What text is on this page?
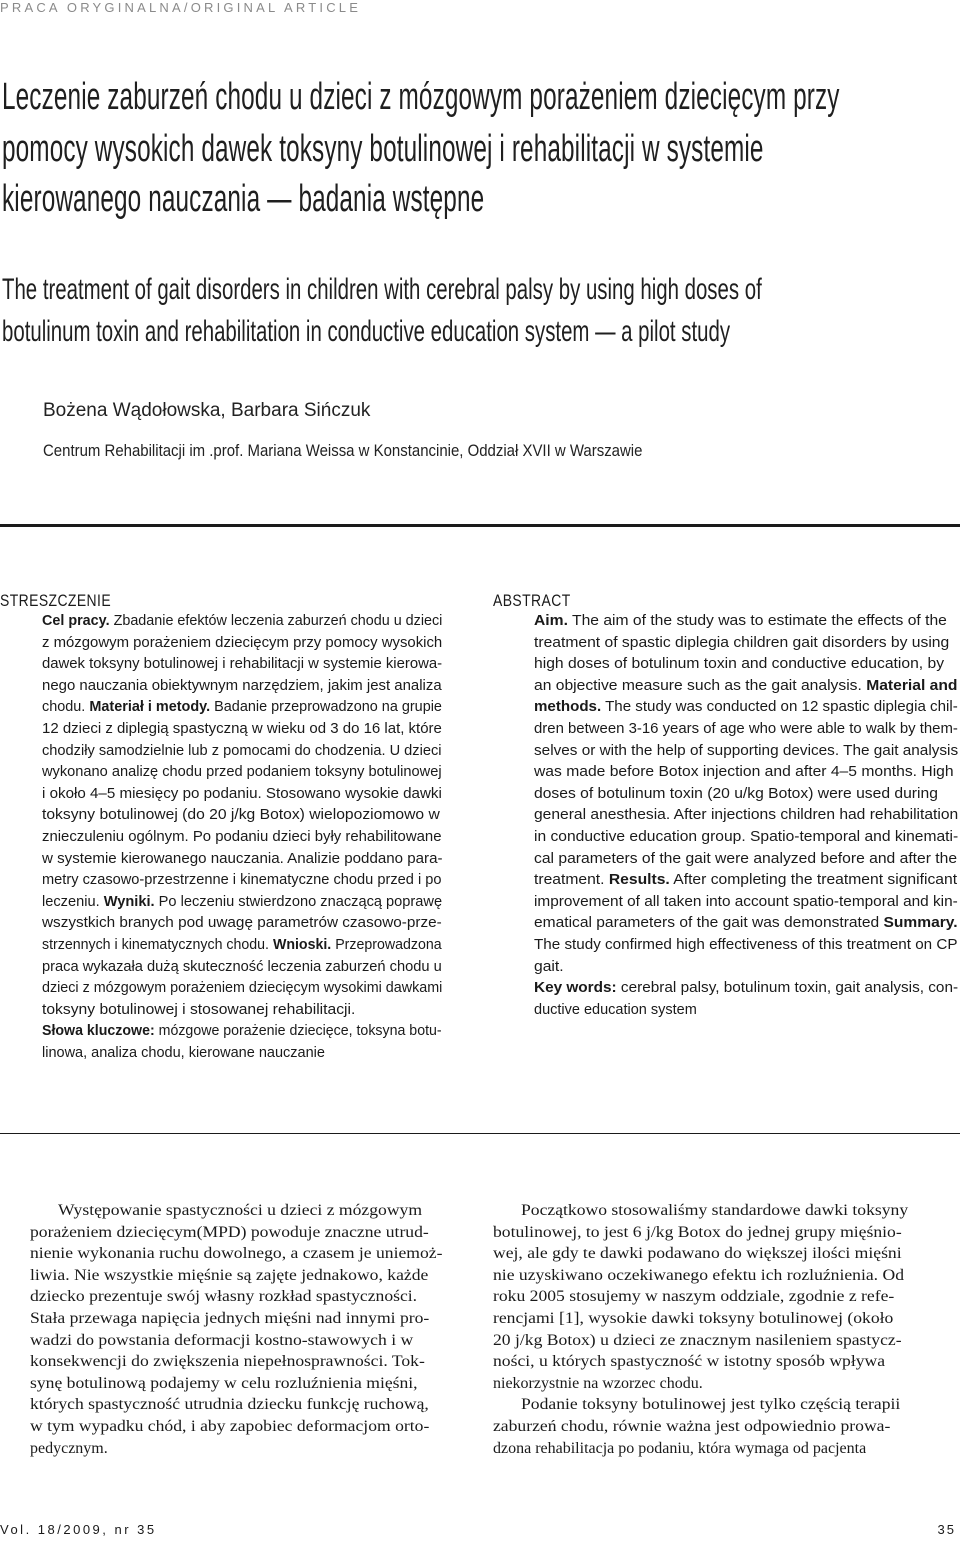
PRACA ORYGINALNA/ORIGINAL ARTICLE
Leczenie zaburzeń chodu u dzieci z mózgowym porażeniem dziecięcym przy
pomocy wysokich dawek toksyny botulinowej i rehabilitacji w systemie
kierowanego nauczania — badania wstępne
The treatment of gait disorders in children with cerebral palsy by using high doses of
botulinum toxin and rehabilitation in conductive education system — a pilot study
Bożena Wądołowska, Barbara Sińczuk
Centrum Rehabilitacji im .prof. Mariana Weissa w Konstancinie, Oddział XVII w Warszawie
STRESZCZENIE
Cel pracy. Zbadanie efektów leczenia zaburzeń chodu u dzieci
z mózgowym porażeniem dziecięcym przy pomocy wysokich
dawek toksyny botulinowej i rehabilitacji w systemie kierowa-
nego nauczania obiektywnym narzędziem, jakim jest analiza
chodu. Materiał i metody. Badanie przeprowadzono na grupie
12 dzieci z diplegią spastyczną w wieku od 3 do 16 lat, które
chodziły samodzielnie lub z pomocami do chodzenia. U dzieci
wykonano analizę chodu przed podaniem toksyny botulinowej
i około 4–5 miesięcy po podaniu. Stosowano wysokie dawki
toksyny botulinowej (do 20 j/kg Botox) wielopoziomowo w
znieczuleniu ogólnym. Po podaniu dzieci były rehabilitowane
w systemie kierowanego nauczania. Analizie poddano para-
metry czasowo-przestrzenne i kinematyczne chodu przed i po
leczeniu. Wyniki. Po leczeniu stwierdzono znaczącą poprawę
wszystkich branych pod uwagę parametrów czasowo-prze-
strzennych i kinematycznych chodu. Wnioski. Przeprowadzona
praca wykazała dużą skuteczność leczenia zaburzeń chodu u
dzieci z mózgowym porażeniem dziecięcym wysokimi dawkami
toksyny botulinowej i stosowanej rehabilitacji.
Słowa kluczowe: mózgowe porażenie dziecięce, toksyna botu-
linowa, analiza chodu, kierowane nauczanie
ABSTRACT
Aim. The aim of the study was to estimate the effects of the
treatment of spastic diplegia children gait disorders by using
high doses of botulinum toxin and conductive education, by
an objective measure such as the gait analysis. Material and
methods. The study was conducted on 12 spastic diplegia chil-
dren between 3-16 years of age who were able to walk by them-
selves or with the help of supporting devices. The gait analysis
was made before Botox injection and after 4–5 months. High
doses of botulinum toxin (20 u/kg Botox) were used during
general anesthesia. After injections children had rehabilitation
in conductive education group. Spatio-temporal and kinemati-
cal parameters of the gait were analyzed before and after the
treatment. Results. After completing the treatment significant
improvement of all taken into account spatio-temporal and kin-
ematical parameters of the gait was demonstrated Summary.
The study confirmed high effectiveness of this treatment on CP
gait.
Key words: cerebral palsy, botulinum toxin, gait analysis, con-
ductive education system
Występowanie spastyczności u dzieci z mózgowym
porażeniem dziecięcym(MPD) powoduje znaczne utrud-
nienie wykonania ruchu dowolnego, a czasem je uniemoż-
liwia. Nie wszystkie mięśnie są zajęte jednakowo, każde
dziecko prezentuje swój własny rozkład spastyczności.
Stała przewaga napięcia jednych mięśni nad innymi pro-
wadzi do powstania deformacji kostno-stawowych i w
konsekwencji do zwiększenia niepełnosprawności. Tok-
synę botulinową podajemy w celu rozluźnienia mięśni,
których spastyczność utrudnia dziecku funkcję ruchową,
w tym wypadku chód, i aby zapobiec deformacjom orto-
pedycznym.
Początkowo stosowaliśmy standardowe dawki toksyny
botulinowej, to jest 6 j/kg Botox do jednej grupy mięśnio-
wej, ale gdy te dawki podawano do większej ilości mięśni
nie uzyskiwano oczekiwanego efektu ich rozluźnienia. Od
roku 2005 stosujemy w naszym oddziale, zgodnie z refe-
rencjami [1], wysokie dawki toksyny botulinowej (około
20 j/kg Botox) u dzieci ze znacznym nasileniem spastycz-
ności, u których spastyczność w istotny sposób wpływa
niekorzystnie na wzorzec chodu.
Podanie toksyny botulinowej jest tylko częścią terapii
zaburzeń chodu, równie ważna jest odpowiednio prowa-
dzona rehabilitacja po podaniu, która wymaga od pacjenta
Vol. 18/2009, nr 35	35
